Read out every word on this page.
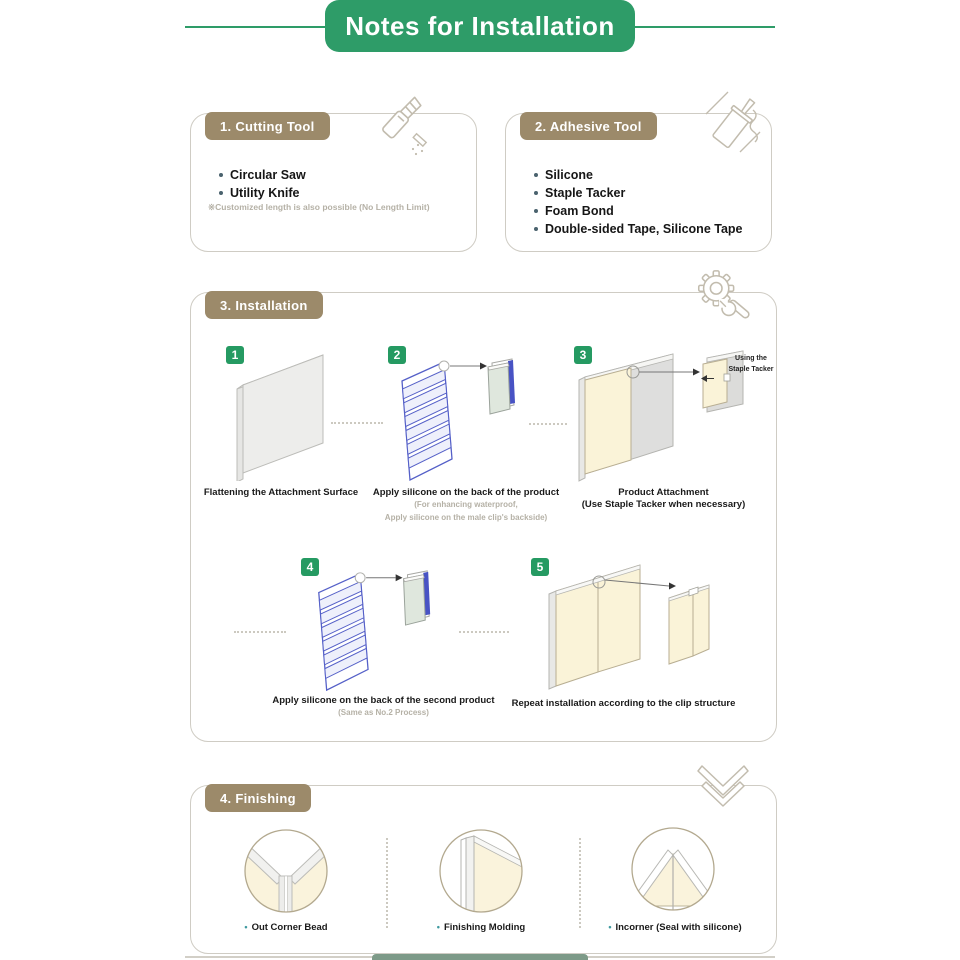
Notes for Installation
1. Cutting Tool
Circular Saw
Utility Knife
※Customized length is also possible (No Length Limit)
2. Adhesive Tool
Silicone
Staple Tacker
Foam Bond
Double-sided Tape, Silicone Tape
3. Installation
1	2	3
4	5
Using the
Staple Tacker
Flattening the Attachment Surface	Apply silicone on the back of the product
(For enhancing waterproof,
Apply silicone on the male clip's backside)
Product Attachment
(Use Staple Tacker when necessary)
Apply silicone on the back of the second product
(Same as No.2 Process)
Repeat installation according to the clip structure
4. Finishing
• Out Corner Bead	• Finishing Molding	• Incorner (Seal with silicone)
